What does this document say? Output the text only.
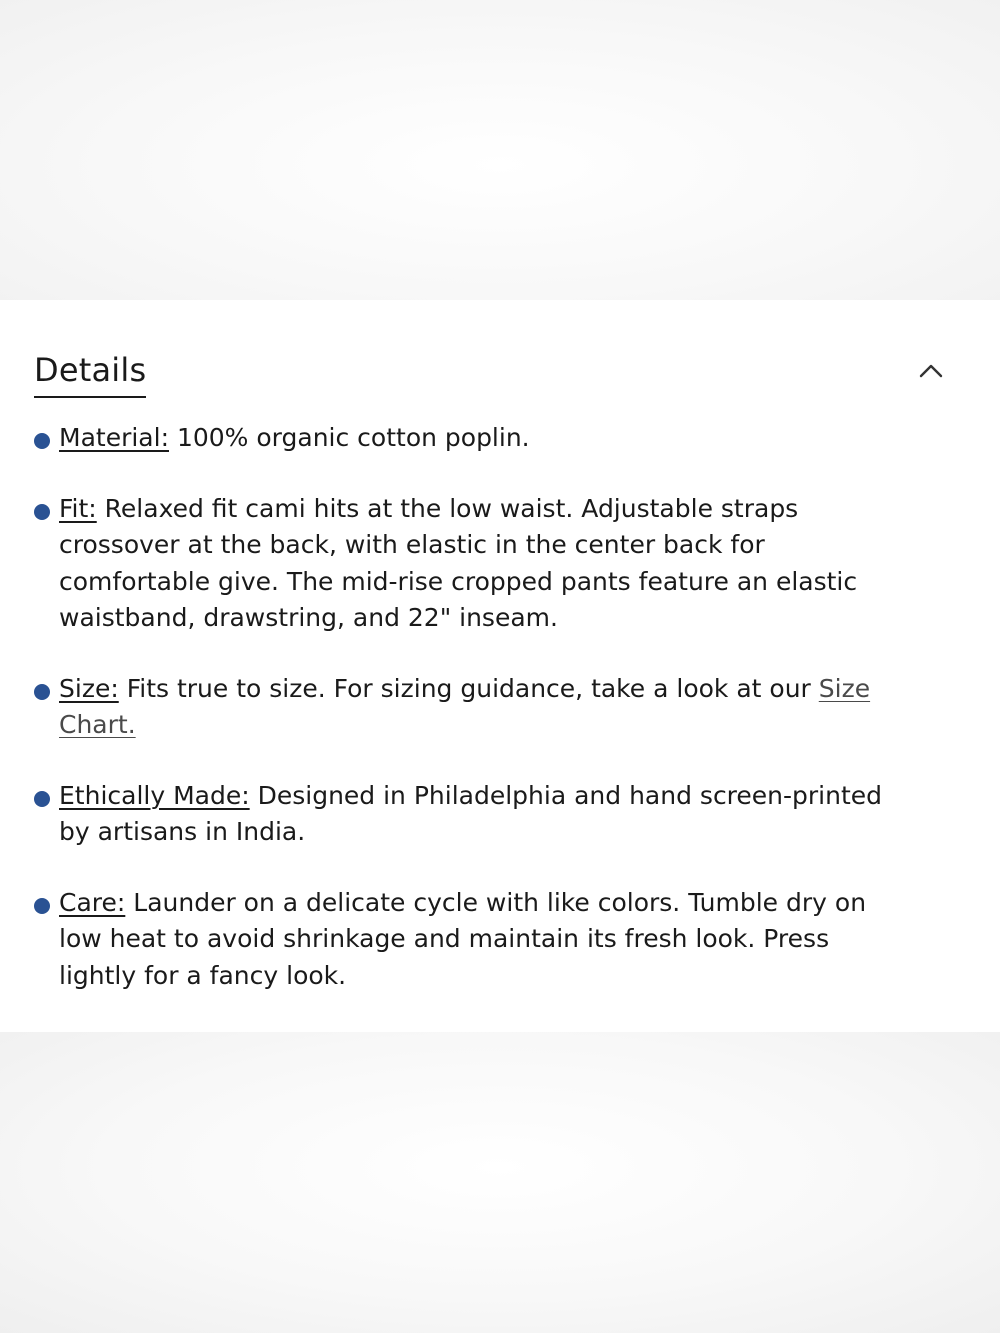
Details
Material: 100% organic cotton poplin.
Fit: Relaxed fit cami hits at the low waist. Adjustable straps crossover at the back, with elastic in the center back for comfortable give. The mid-rise cropped pants feature an elastic waistband, drawstring, and 22" inseam.
Size: Fits true to size. For sizing guidance, take a look at our Size Chart.
Ethically Made: Designed in Philadelphia and hand screen-printed by artisans in India.
Care: Launder on a delicate cycle with like colors. Tumble dry on low heat to avoid shrinkage and maintain its fresh look. Press lightly for a fancy look.
